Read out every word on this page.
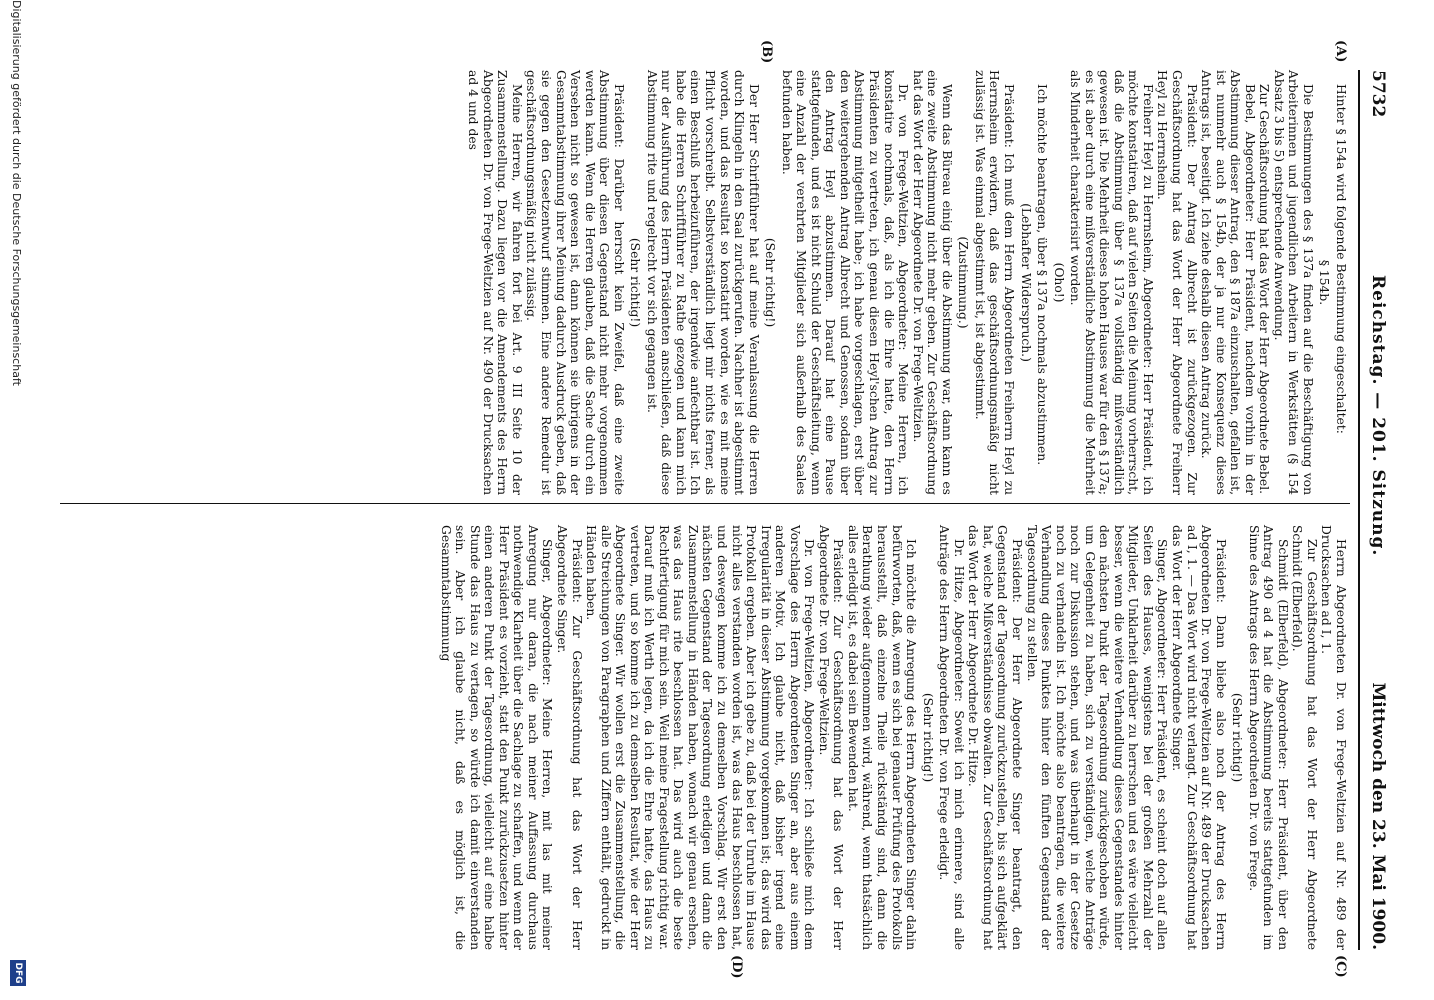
5732
Reichstag. — 201. Sitzung.
Mittwoch den 23. Mai 1900.
(A)
(B)
(C)
(D)

Hinter § 154a wird folgende Bestimmung eingeschaltet:

§ 154b.

Die Bestimmungen des § 137a finden auf die Beschäftigung von Arbeiterinnen und jugendlichen Arbeitern in Werkstätten (§ 154 Absatz 3 bis 5) entsprechende Anwendung.

Zur Geschäftsordnung hat das Wort der Herr Abgeordnete Bebel.

Bebel, Abgeordneter: Herr Präsident, nachdem vorhin in der Abstimmung dieser Antrag, den § 187a einzuschalten, gefallen ist, ist nunmehr auch § 154b, der ja nur eine Konsequenz dieses Antrags ist, beseitigt. Ich ziehe deshalb diesen Antrag zurück.

Präsident: Der Antrag Albrecht ist zurückgezogen. Zur Geschäftsordnung hat das Wort der Herr Abgeordnete Freiherr Heyl zu Herrnsheim.

Freiherr Heyl zu Herrnsheim, Abgeordneter: Herr Präsident, ich möchte konstatiren, daß auf vielen Seiten die Meinung vorherrscht, daß die Abstimmung über § 137a vollständig mißverständlich gewesen ist. Die Mehrheit dieses hohen Hauses war für den § 137a; es ist aber durch eine mißverständliche Abstimmung die Mehrheit als Minderheit charakterisirt worden.

(Oho!)

Ich möchte beantragen, über § 137a nochmals abzustimmen.

(Lebhafter Widerspruch.)

Präsident: Ich muß dem Herrn Abgeordneten Freiherrn Heyl zu Herrnsheim erwidern, daß das geschäftsordnungsmäßig nicht zulässig ist. Was einmal abgestimmt ist, ist abgestimmt.

(Zustimmung.)

Wenn das Büreau einig über die Abstimmung war, dann kann es eine zweite Abstimmung nicht mehr geben. Zur Geschäftsordnung hat das Wort der Herr Abgeordnete Dr. von Frege-Weltzien.

Dr. von Frege-Weltzien, Abgeordneter: Meine Herren, ich konstatire nochmals, daß, als ich die Ehre hatte, den Herrn Präsidenten zu vertreten, ich genau diesen Heyl'schen Antrag zur Abstimmung mitgetheilt habe; ich habe vorgeschlagen, erst über den weitergehenden Antrag Albrecht und Genossen, sodann über den Antrag Heyl abzustimmen. Darauf hat eine Pause stattgefunden, und es ist nicht Schuld der Geschäftsleitung, wenn eine Anzahl der verehrten Mitglieder sich außerhalb des Saales befunden haben.

(Sehr richtig!)

Der Herr Schriftführer hat auf meine Veranlassung die Herren durch Klingeln in den Saal zurückgerufen. Nachher ist abgestimmt worden, und das Resultat so konstatirt worden, wie es mit meine Pflicht vorschreibt. Selbstverständlich liegt mir nichts ferner, als einen Beschluß herbeizuführen, der irgendwie anfechtbar ist. Ich habe die Herren Schriftführer zu Rathe gezogen und kann mich nur der Ausführung des Herrn Präsidenten anschließen, daß diese Abstimmung rite und regelrecht vor sich gegangen ist.

(Sehr richtig!)

Präsident: Darüber herrscht kein Zweifel, daß eine zweite Abstimmung über diesen Gegenstand nicht mehr vorgenommen werden kann. Wenn die Herren glauben, daß die Sache durch ein Versehen nicht so gewesen ist, dann können sie übrigens in der Gesammtabstimmung ihrer Meinung dadurch Ausdruck geben, daß sie gegen den Gesetzentwurf stimmen. Eine andere Remedur ist geschäftsordnungsmäßig nicht zulässig.

Meine Herren, wir fahren fort bei Art. 9 III Seite 10 der Zusammenstellung. Dazu liegen vor die Amendements des Herrn Abgeordneten Dr. von Frege-Weltzien auf Nr. 490 der Drucksachen ad 4 und des

Herrn Abgeordneten Dr. von Frege-Weltzien auf Nr. 489 der Drucksachen ad I, 1.

Zur Geschäftsordnung hat das Wort der Herr Abgeordnete Schmidt (Elberfeld).

Schmidt (Elberfeld), Abgeordneter: Herr Präsident, über den Antrag 490 ad 4 hat die Abstimmung bereits stattgefunden im Sinne des Antrags des Herrn Abgeordneten Dr. von Frege.

(Sehr richtig!)

Präsident: Dann bliebe also noch der Antrag des Herrn Abgeordneten Dr. von Frege-Weltzien auf Nr. 489 der Drucksachen ad I, 1. — Das Wort wird nicht verlangt. Zur Geschäftsordnung hat das Wort der Herr Abgeordnete Singer.

Singer, Abgeordneter: Herr Präsident, es scheint doch auf allen Seiten des Hauses, wenigstens bei der großen Mehrzahl der Mitglieder, Unklarheit darüber zu herrschen und es wäre vielleicht besser, wenn die weitere Verhandlung dieses Gegenstandes hinter den nächsten Punkt der Tagesordnung zurückgeschoben würde, um Gelegenheit zu haben, sich zu verständigen, welche Anträge noch zur Diskussion stehen, und was überhaupt in der Gesetze noch zu verhandeln ist. Ich möchte also beantragen, die weitere Verhandlung dieses Punktes hinter den fünften Gegenstand der Tagesordnung zu stellen.

Präsident: Der Herr Abgeordnete Singer beantragt, den Gegenstand der Tagesordnung zurückzustellen, bis sich aufgeklärt hat, welche Mißverständnisse obwalten. Zur Geschäftsordnung hat das Wort der Herr Abgeordnete Dr. Hitze.

Dr. Hitze, Abgeordneter: Soweit ich mich erinnere, sind alle Anträge des Herrn Abgeordneten Dr. von Frege erledigt.

(Sehr richtig!)

Ich möchte die Anregung des Herrn Abgeordneten Singer dahin befürworten, daß, wenn es sich bei genauer Prüfung des Protokolls herausstellt, daß einzelne Theile rückständig sind, dann die Berathung wieder aufgenommen wird, während, wenn thatsächlich alles erledigt ist, es dabei sein Bewenden hat.

Präsident: Zur Geschäftsordnung hat das Wort der Herr Abgeordnete Dr. von Frege-Weltzien.

Dr. von Frege-Weltzien, Abgeordneter: Ich schließe mich dem Vorschlage des Herrn Abgeordneten Singer an, aber aus einem anderen Motiv. Ich glaube nicht, daß bisher irgend eine Irregularität in dieser Abstimmung vorgekommen ist; das wird das Protokoll ergeben. Aber ich gebe zu, daß bei der Unruhe im Hause nicht alles verstanden worden ist, was das Haus beschlossen hat, und deswegen komme ich zu demselben Vorschlag. Wir erst den nächsten Gegenstand der Tagesordnung erledigen und dann die Zusammenstellung in Händen haben, wonach wir genau ersehen, was das Haus rite beschlossen hat. Das wird auch die beste Rechtfertigung für mich sein. Weil meine Fragestellung richtig war. Darauf muß ich Werth legen, da ich die Ehre hatte, das Haus zu vertreten, und so komme ich zu demselben Resultat, wie der Herr Abgeordnete Singer. Wir wollen erst die Zusammenstellung, die alle Streichungen von Paragraphen und Ziffern enthält, gedruckt in Händen haben.

Präsident: Zur Geschäftsordnung hat das Wort der Herr Abgeordnete Singer.

Singer, Abgeordneter: Meine Herren, mit las mit meiner Anregung nur daran, die nach meiner Auffassung durchaus nothwendige Klarheit über die Sachlage zu schaffen, und wenn der Herr Präsident es vorzieht, statt den Punkt zurückzusetzen hinter einen anderen Punkt der Tagesordnung, vielleicht auf eine halbe Stunde das Haus zu vertagen, so würde ich damit einverstanden sein. Aber ich glaube nicht, daß es möglich ist, die Gesammtabstimmung

Digitalisierung gefördert durch die Deutsche Forschungsgemeinschaft
DFG
